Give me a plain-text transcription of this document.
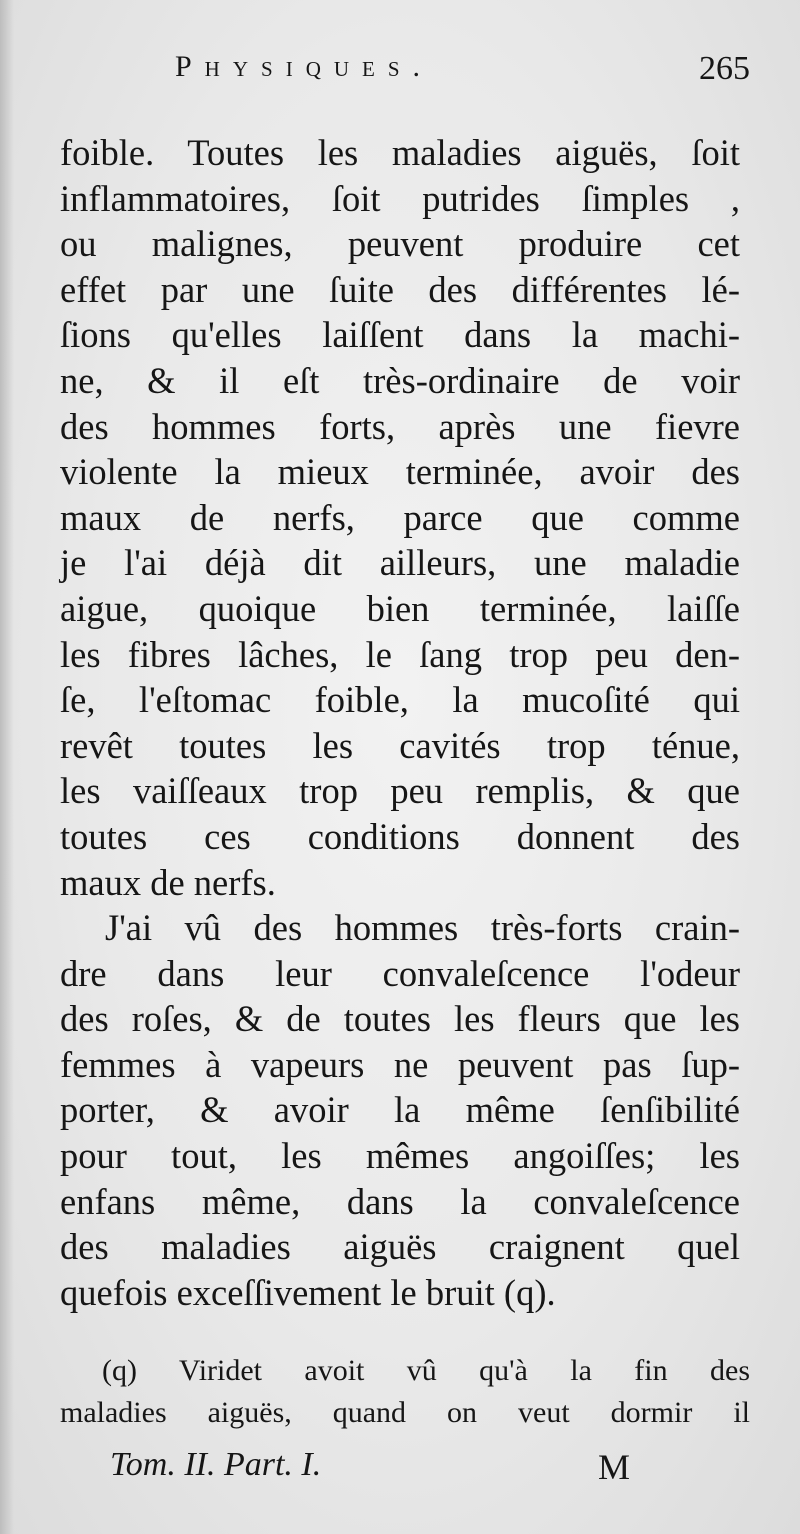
Physiques.	265
foible. Toutes les maladies aiguës, ſoit
inflammatoires, ſoit putrides ſimples ,
ou malignes, peuvent produire cet
effet par une ſuite des différentes lé-
ſions qu'elles laiſſent dans la machi-
ne, & il eſt très-ordinaire de voir
des hommes forts, après une fievre
violente la mieux terminée, avoir des
maux de nerfs, parce que comme
je l'ai déjà dit ailleurs, une maladie
aigue, quoique bien terminée, laiſſe
les fibres lâches, le ſang trop peu den-
ſe, l'eſtomac foible, la mucoſité qui
revêt toutes les cavités trop ténue,
les vaiſſeaux trop peu remplis, & que
toutes ces conditions donnent des
maux de nerfs.
J'ai vû des hommes très-forts crain-
dre dans leur convaleſcence l'odeur
des roſes, & de toutes les fleurs que les
femmes à vapeurs ne peuvent pas ſup-
porter, & avoir la même ſenſibilité
pour tout, les mêmes angoiſſes; les
enfans même, dans la convaleſcence
des maladies aiguës craignent quel
quefois exceſſivement le bruit (q).
(q) Viridet avoit vû qu'à la fin des
maladies aiguës, quand on veut dormir il
Tom. II. Part. I.	M
